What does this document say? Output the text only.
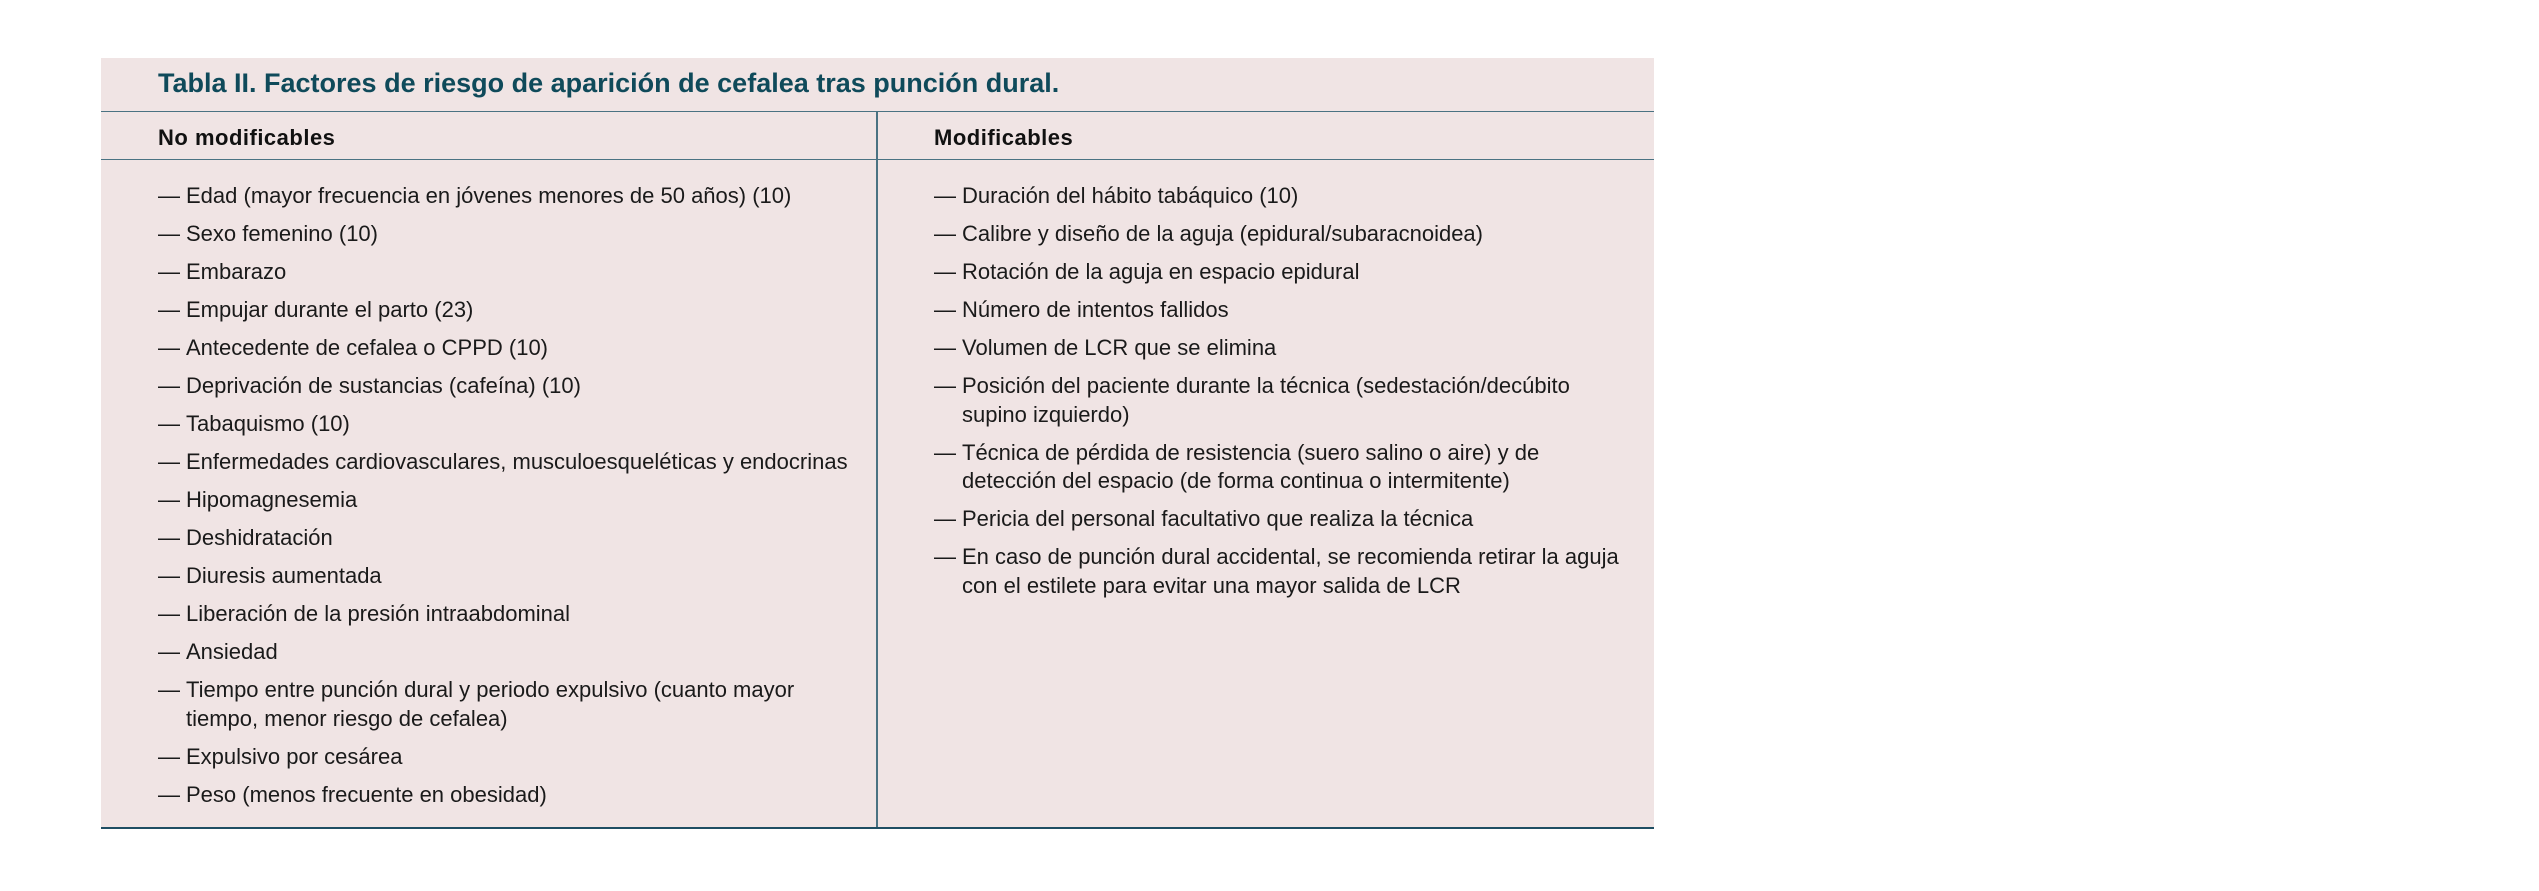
Tabla II. Factores de riesgo de aparición de cefalea tras punción dural.
No modificables	Modificables
— Edad (mayor frecuencia en jóvenes menores de 50 años) (10)
— Sexo femenino (10)
— Embarazo
— Empujar durante el parto (23)
— Antecedente de cefalea o CPPD (10)
— Deprivación de sustancias (cafeína) (10)
— Tabaquismo (10)
— Enfermedades cardiovasculares, musculoesqueléticas y endocrinas
— Hipomagnesemia
— Deshidratación
— Diuresis aumentada
— Liberación de la presión intraabdominal
— Ansiedad
— Tiempo entre punción dural y periodo expulsivo (cuanto mayor tiempo, menor riesgo de cefalea)
— Expulsivo por cesárea
— Peso (menos frecuente en obesidad)
— Duración del hábito tabáquico (10)
— Calibre y diseño de la aguja (epidural/subaracnoidea)
— Rotación de la aguja en espacio epidural
— Número de intentos fallidos
— Volumen de LCR que se elimina
— Posición del paciente durante la técnica (sedestación/decúbito supino izquierdo)
— Técnica de pérdida de resistencia (suero salino o aire) y de detección del espacio (de forma continua o intermitente)
— Pericia del personal facultativo que realiza la técnica
— En caso de punción dural accidental, se recomienda retirar la aguja con el estilete para evitar una mayor salida de LCR
